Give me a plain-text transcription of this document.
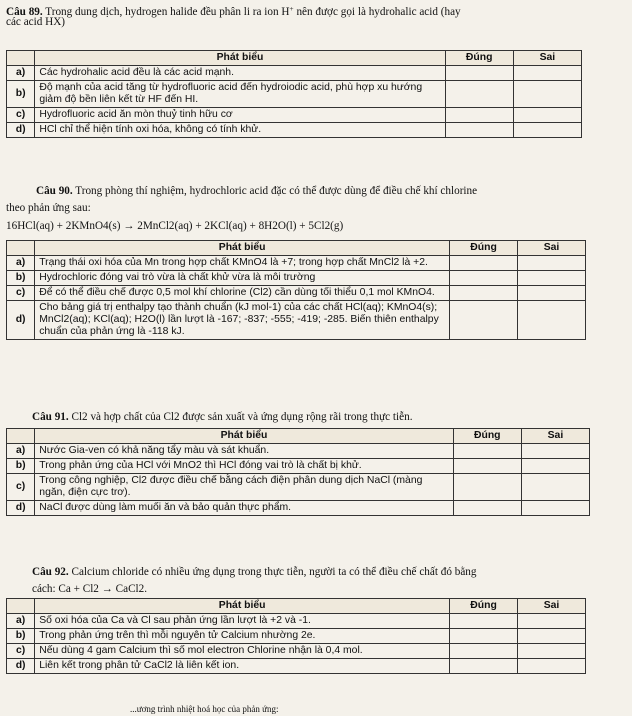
Câu 89. Trong dung dịch, hydrogen halide đều phân li ra ion H+ nên được gọi là hydrohalic acid (hay
các acid HX)
	Phát biểu	Đúng	Sai
a)	Các hydrohalic acid đều là các acid mạnh.		
b)	Độ mạnh của acid tăng từ hydrofluoric acid đến hydroiodic acid, phù hợp xu hướng giảm độ bền liên kết từ HF đến HI.		
c)	Hydrofluoric acid ăn mòn thuỷ tinh hữu cơ		
d)	HCl chỉ thể hiện tính oxi hóa, không có tính khử.		
Câu 90. Trong phòng thí nghiệm, hydrochloric acid đặc có thể được dùng để điều chế khí chlorine
theo phản ứng sau:
16HCl(aq) + 2KMnO4(s) → 2MnCl2(aq) + 2KCl(aq) + 8H2O(l) + 5Cl2(g)
	Phát biểu	Đúng	Sai
a)	Trạng thái oxi hóa của Mn trong hợp chất KMnO4 là +7; trong hợp chất MnCl2 là +2.		
b)	Hydrochloric đóng vai trò vừa là chất khử vừa là môi trường		
c)	Để có thể điều chế được 0,5 mol khí chlorine (Cl2) cần dùng tối thiểu 0,1 mol KMnO4.		
d)	Cho bảng giá trị enthalpy tạo thành chuẩn (kJ mol-1) của các chất HCl(aq); KMnO4(s); MnCl2(aq); KCl(aq); H2O(l) lần lượt là -167; -837; -555; -419; -285. Biến thiên enthalpy chuẩn của phản ứng là -118 kJ.		
Câu 91. Cl2 và hợp chất của Cl2 được sản xuất và ứng dụng rộng rãi trong thực tiễn.
	Phát biểu	Đúng	Sai
a)	Nước Gia-ven có khả năng tẩy màu và sát khuẩn.		
b)	Trong phản ứng của HCl với MnO2 thì HCl đóng vai trò là chất bị khử.		
c)	Trong công nghiệp, Cl2 được điều chế bằng cách điện phân dung dịch NaCl (màng ngăn, điện cực trơ).		
d)	NaCl được dùng làm muối ăn và bảo quản thực phẩm.		
Câu 92. Calcium chloride có nhiều ứng dụng trong thực tiễn, người ta có thể điều chế chất đó bằng
cách: Ca + Cl2 → CaCl2.
	Phát biểu	Đúng	Sai
a)	Số oxi hóa của Ca và Cl sau phản ứng lần lượt là +2 và -1.		
b)	Trong phản ứng trên thì mỗi nguyên tử Calcium nhường 2e.		
c)	Nếu dùng 4 gam Calcium thì số mol electron Chlorine nhận là 0,4 mol.		
d)	Liên kết trong phân tử CaCl2 là liên kết ion.		
...ương trình nhiệt hoá học của phản ứng:
